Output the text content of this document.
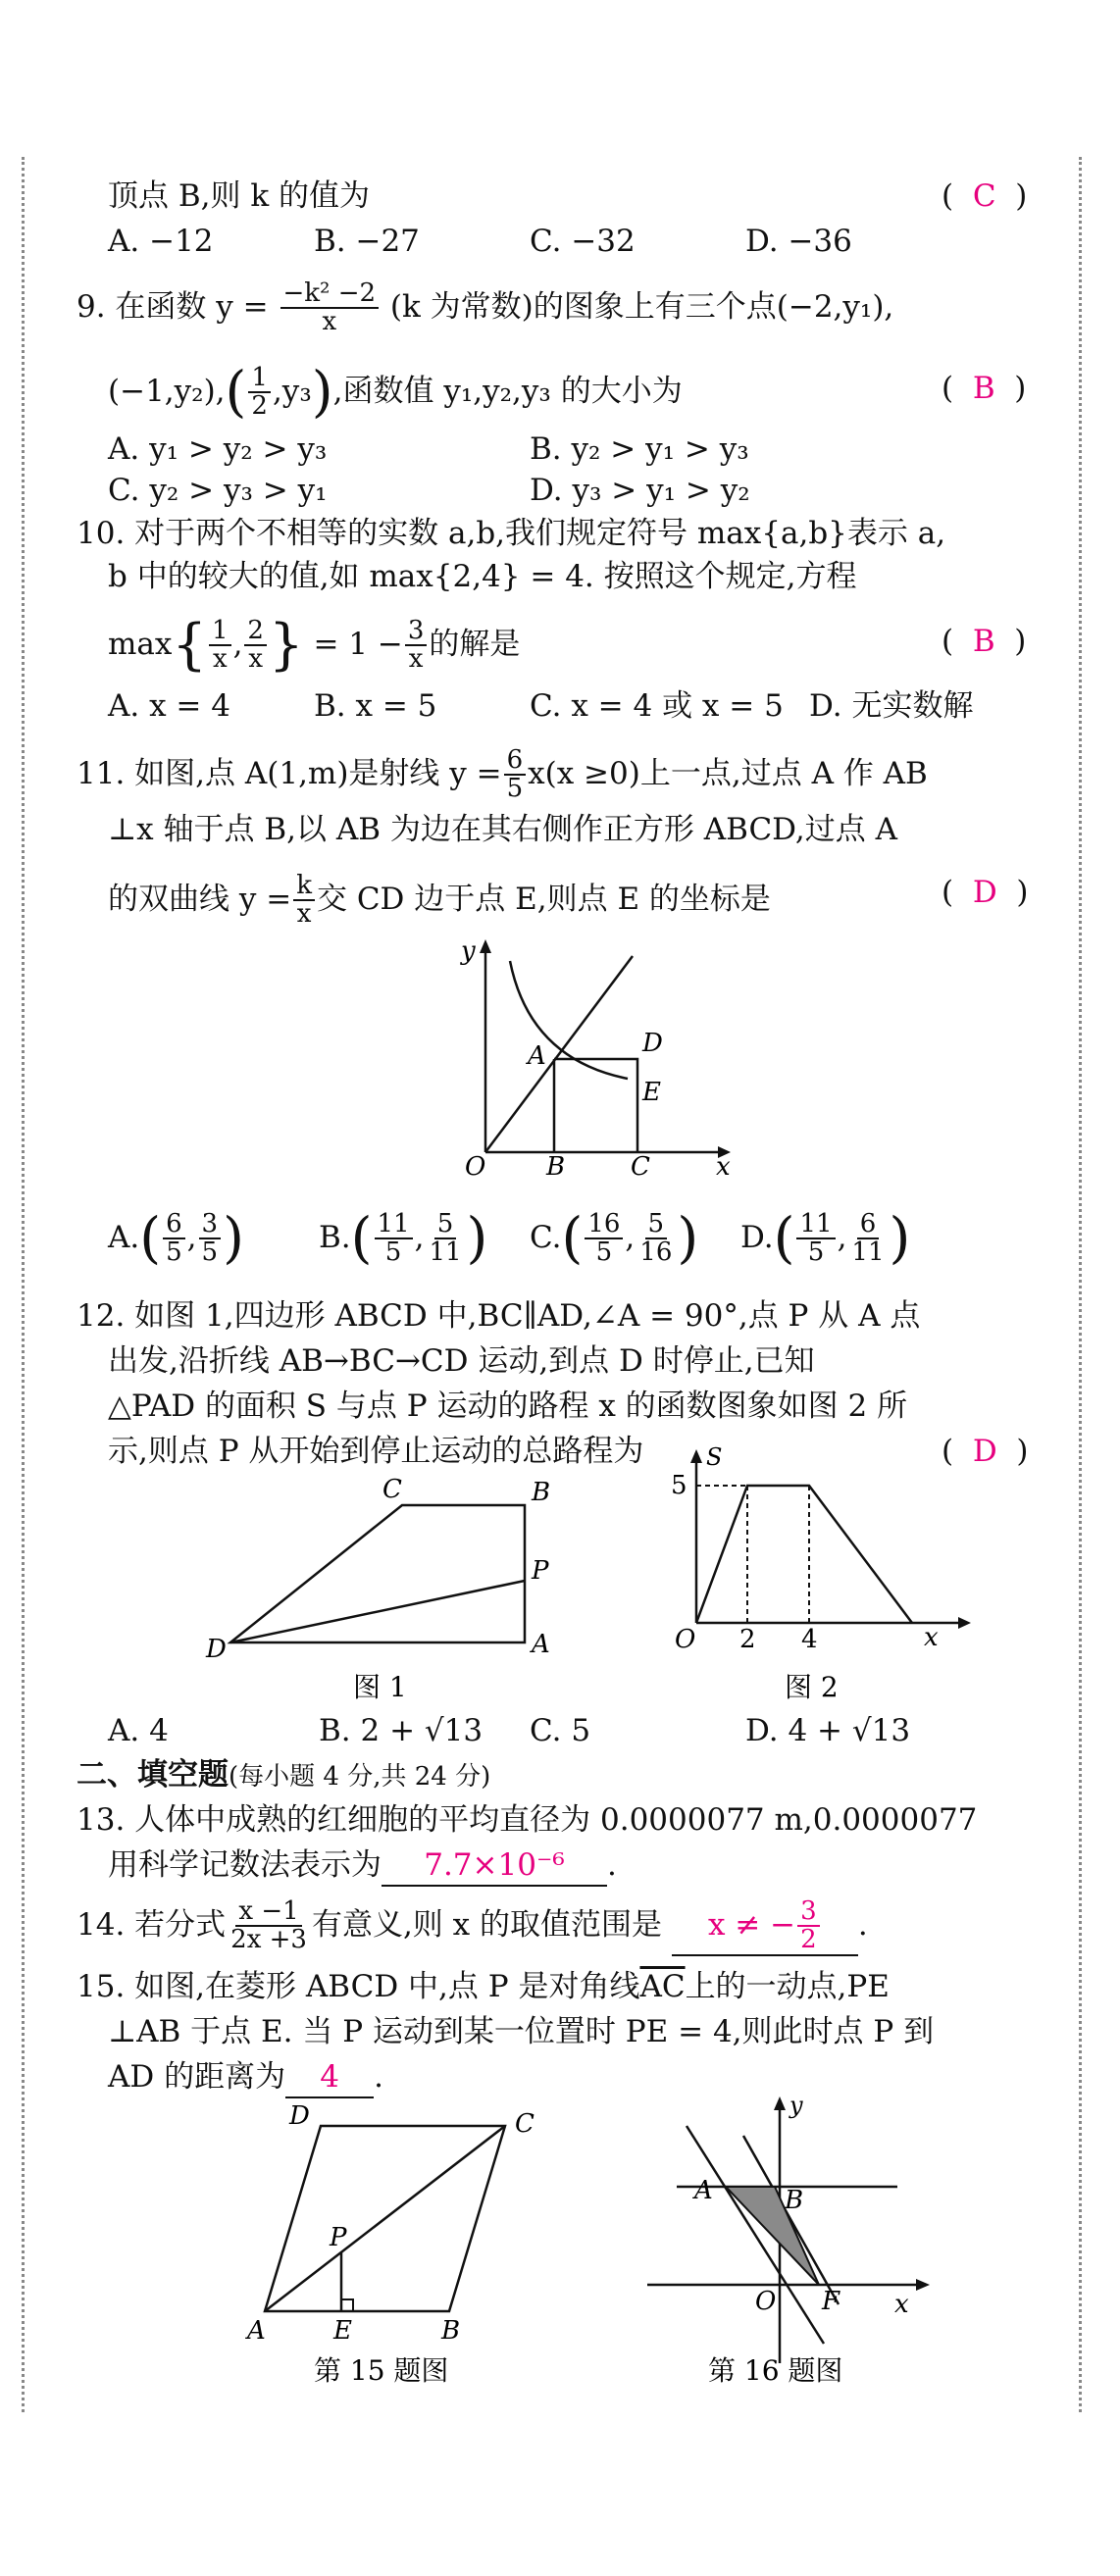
顶点 B,则 k 的值为	(  C  )
A. −12	B. −27	C. −32	D. −36
9. 在函数 $y = \frac{\text{−k² −2}}{x} (k$ 为常数)的图象上有三个点(−2,y₁),
$(-1,y_2),( \frac{1}{2} ,y_3)$,函数值 y₁,y₂,y₃ 的大小为	(  B  )
A. y₁ > y₂ > y₃	B. y₂ > y₁ > y₃
C. y₂ > y₃ > y₁	D. y₃ > y₁ > y₂
10. 对于两个不相等的实数 a,b,我们规定符号 max{a,b}表示 a,
b 中的较大的值,如 max{2,4} = 4. 按照这个规定,方程
$\max\{ \frac{1}{x}$ , $\frac{2}{x}$ } = $1 - \frac{3}{x}$ 的解是	(  B  )
A. x = 4	B. x = 5	C. x = 4 或 x = 5 D. 无实数解
11. 如图,点 A(1,m)是射线 $y = \frac{6}{5} x(x \ge 0)$上一点,过点 A 作 AB
⊥x 轴于点 B,以 AB 为边在其右侧作正方形 ABCD,过点 A
的双曲线 $y = \frac{k}{x}$ 交 CD 边于点 E,则点 E 的坐标是	(  D  )
y
x
O
A
B	C
D
E
$A.( \frac{6}{5}$ , $\frac{3}{5}$ ) $B.( \frac{11}{5}$ , $\frac{5}{11}$ ) $C.( \frac{16}{5}$ , $\frac{5}{16}$ ) $D.( \frac{11}{5}$ , $\frac{6}{11}$ )
12. 如图 1,四边形 ABCD 中,BC∥AD,∠A = 90°,点 P 从 A 点
出发,沿折线 AB→BC→CD 运动,到点 D 时停止,已知
△PAD 的面积 S 与点 P 运动的路程 x 的函数图象如图 2 所
示,则点 P 从开始到停止运动的总路程为	(  D  )
C	B
P
D	A
图 1
S
5
O 2 4	x
图 2
A. 4	B. 2 + √13 C. 5	D. 4 + √13
二、填空题(每小题 4 分,共 24 分)
13. 人体中成熟的红细胞的平均直径为 0.0000077 m,0.0000077
用科学记数法表示为 7.7×10⁻⁶ .
14. 若分式 $\frac{x -1}{2x +3}$ 有意义,则 x 的取值范围是 x ≠ − $\frac{3}{2}$ .
15. 如图,在菱形 ABCD 中,点 P 是对角线$\overline{AC}$上的一动点,PE
⊥AB 于点 E. 当 P 运动到某一位置时 PE = 4,则此时点 P 到
AD 的距离为 4 .
D	C
P
A	E	B
第 15 题图
y
A	B
O F x
第 16 题图
